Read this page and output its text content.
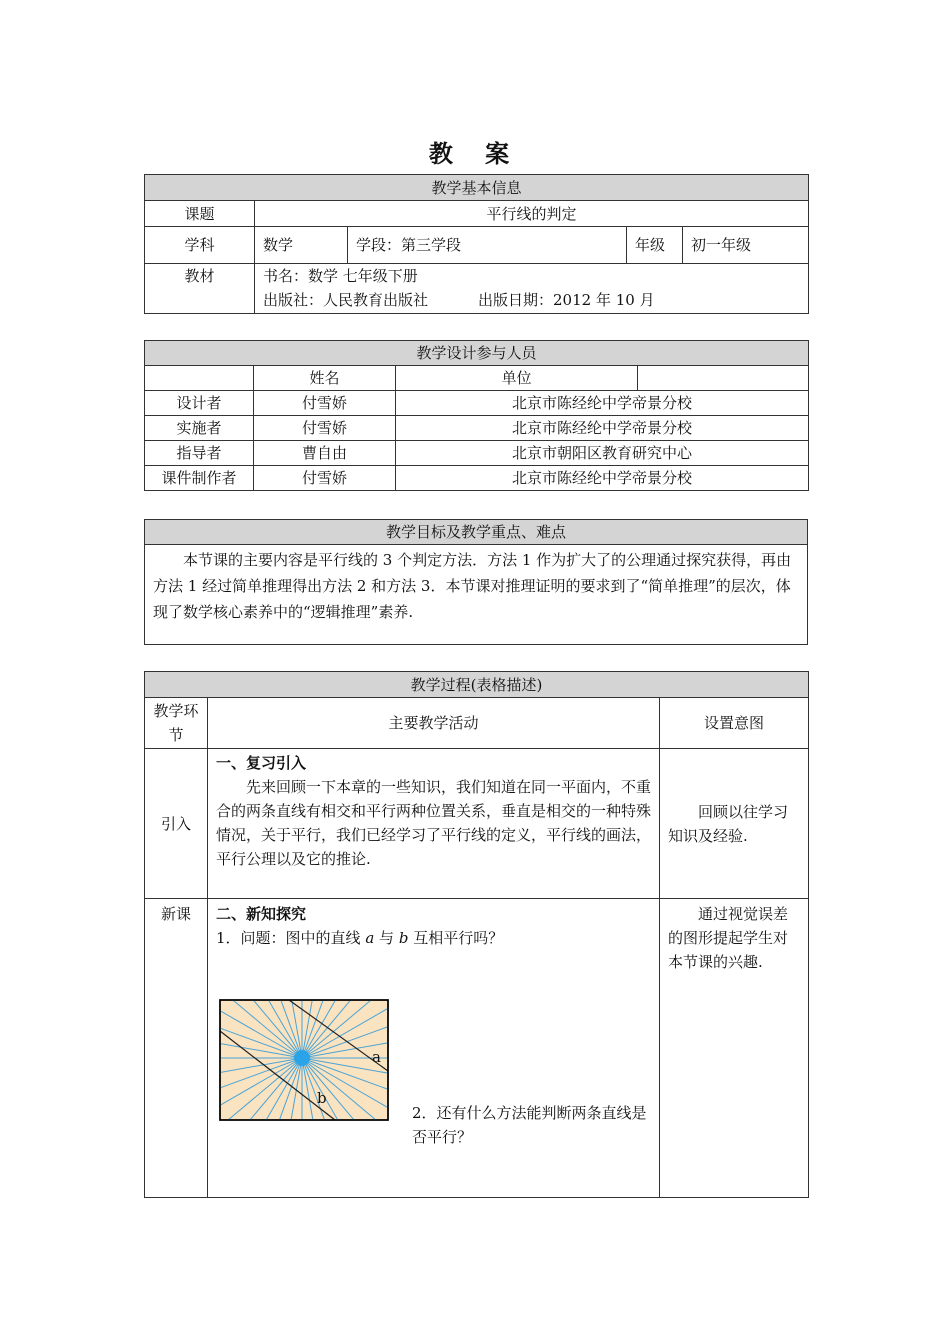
教 案
教学基本信息				
课题	平行线的判定			
学科	数学	学段：第三学段	年级	初一年级
教材	书名：数学 七年级下册
出版社：人民教育出版社 出版日期：2012 年 10 月			
教学设计参与人员			
	姓名	单位	
设计者	付雪娇	北京市陈经纶中学帝景分校	
实施者	付雪娇	北京市陈经纶中学帝景分校	
指导者	曹自由	北京市朝阳区教育研究中心	
课件制作者	付雪娇	北京市陈经纶中学帝景分校	
教学目标及教学重点、难点
本节课的主要内容是平行线的 3 个判定方法．方法 1 作为扩大了的公理通过探究获得，再由方法 1 经过简单推理得出方法 2 和方法 3．本节课对推理证明的要求到了“简单推理”的层次，体现了数学核心素养中的“逻辑推理”素养.
教学过程(表格描述)		
教学环节	主要教学活动	设置意图
引入	一、复习引入
先来回顾一下本章的一些知识，我们知道在同一平面内，不重合的两条直线有相交和平行两种位置关系，垂直是相交的一种特殊情况，关于平行，我们已经学习了平行线的定义，平行线的画法，平行公理以及它的推论.	回顾以往学习知识及经验.
新课	二、新知探究
1．问题：图中的直线 a 与 b 互相平行吗？
a
b
2．还有什么方法能判断两条直线是否平行？	通过视觉误差的图形提起学生对本节课的兴趣.
